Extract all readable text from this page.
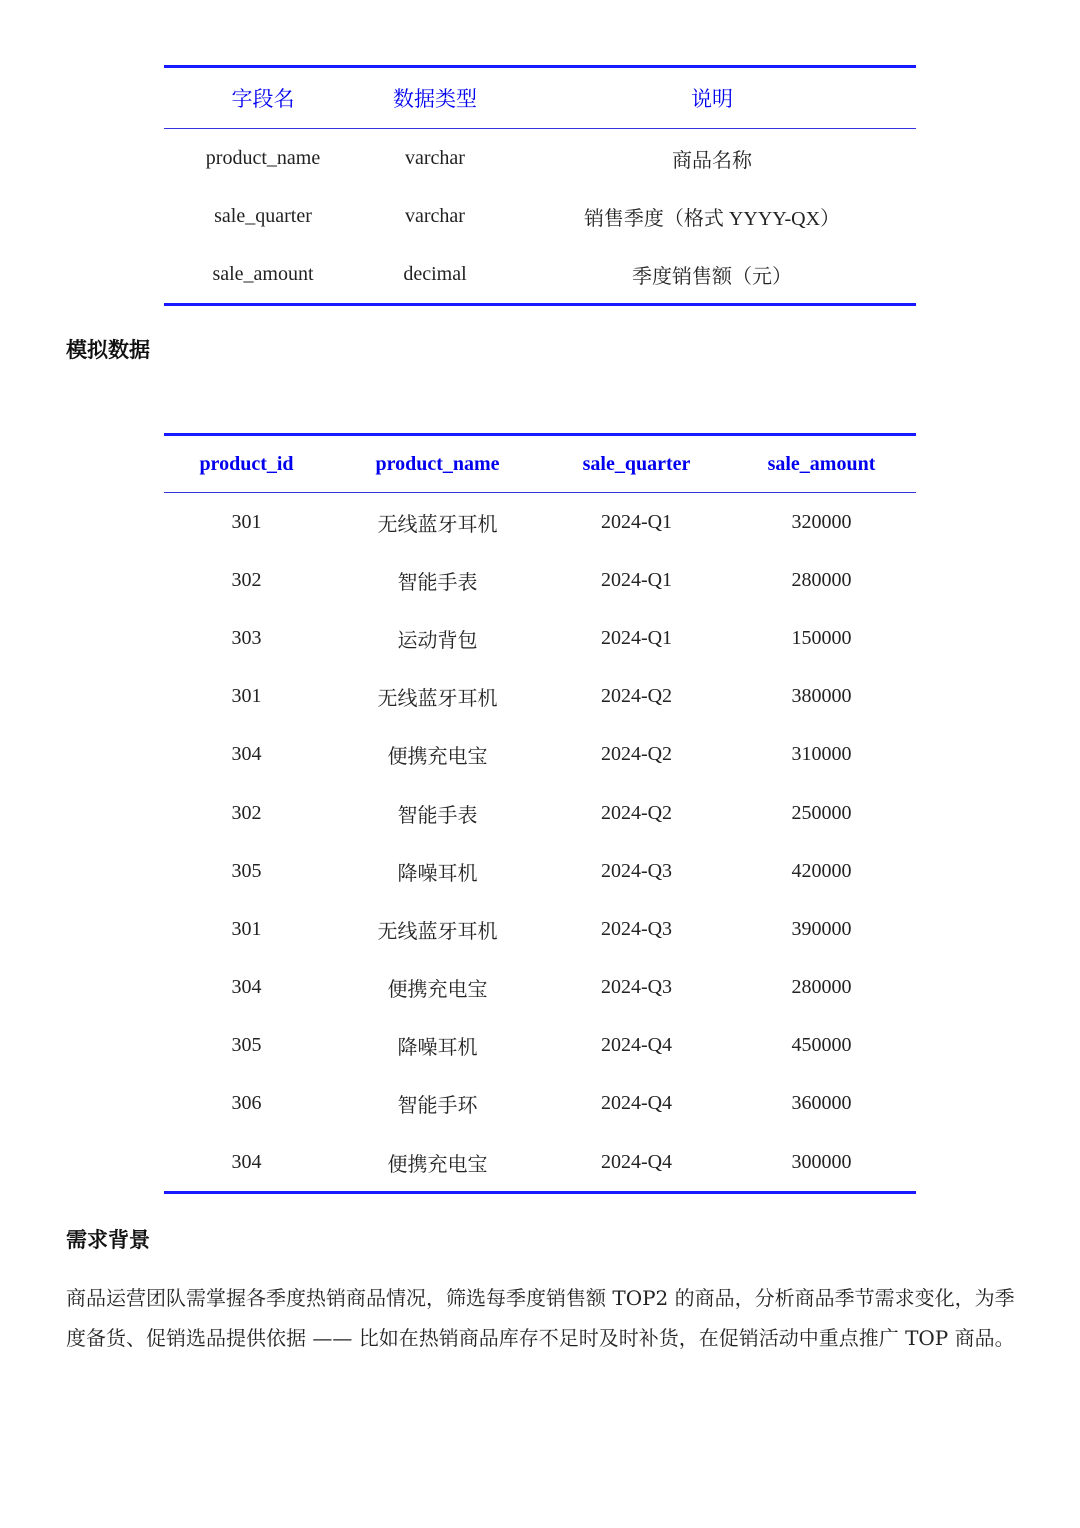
字段名	数据类型	说明
product_name	varchar	商品名称
sale_quarter	varchar	销售季度（格式 YYYY-QX）
sale_amount	decimal	季度销售额（元）
模拟数据
product_id	product_name	sale_quarter	sale_amount
301	无线蓝牙耳机	2024-Q1	320000
302	智能手表	2024-Q1	280000
303	运动背包	2024-Q1	150000
301	无线蓝牙耳机	2024-Q2	380000
304	便携充电宝	2024-Q2	310000
302	智能手表	2024-Q2	250000
305	降噪耳机	2024-Q3	420000
301	无线蓝牙耳机	2024-Q3	390000
304	便携充电宝	2024-Q3	280000
305	降噪耳机	2024-Q4	450000
306	智能手环	2024-Q4	360000
304	便携充电宝	2024-Q4	300000
需求背景

商品运营团队需掌握各季度热销商品情况，筛选每季度销售额 TOP2 的商品，分析商品季节需求变化，为季度备货、促销选品提供依据 —— 比如在热销商品库存不足时及时补货，在促销活动中重点推广 TOP 商品。
